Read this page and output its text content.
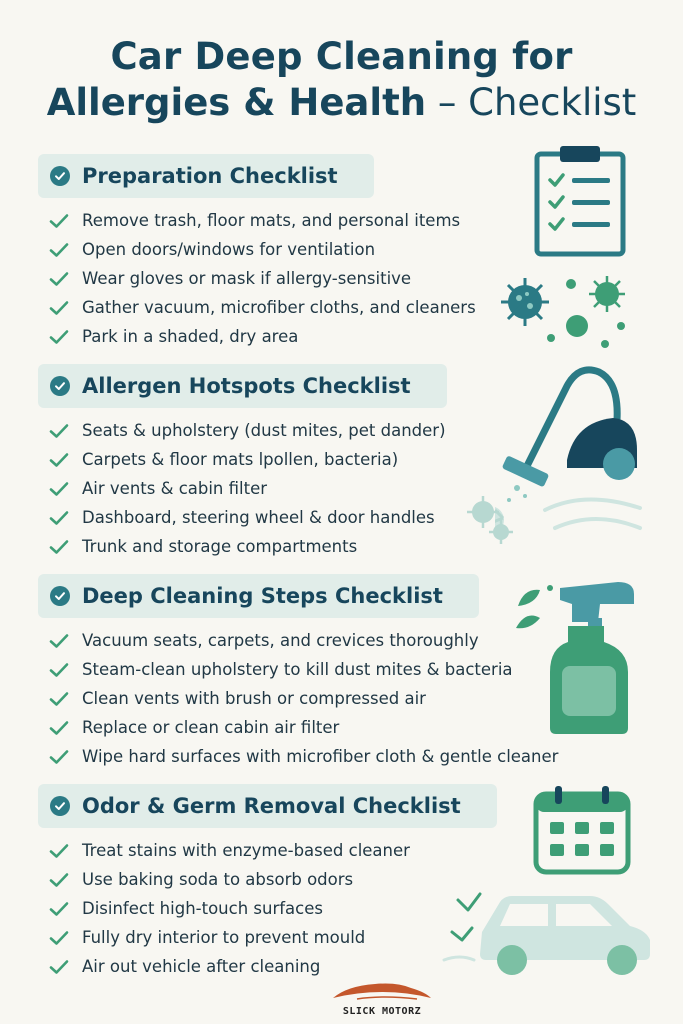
Car Deep Cleaning for
Allergies & Health – Checklist
Preparation Checklist
Remove trash, floor mats, and personal items
Open doors/windows for ventilation
Wear gloves or mask if allergy-sensitive
Gather vacuum, microfiber cloths, and cleaners
Park in a shaded, dry area
Allergen Hotspots Checklist
Seats & upholstery (dust mites, pet dander)
Carpets & floor mats lpollen, bacteria)
Air vents & cabin filter
Dashboard, steering wheel & door handles
Trunk and storage compartments
Deep Cleaning Steps Checklist
Vacuum seats, carpets, and crevices thoroughly
Steam-clean upholstery to kill dust mites & bacteria
Clean vents with brush or compressed air
Replace or clean cabin air filter
Wipe hard surfaces with microfiber cloth & gentle cleaner
Odor & Germ Removal Checklist
Treat stains with enzyme-based cleaner
Use baking soda to absorb odors
Disinfect high-touch surfaces
Fully dry interior to prevent mould
Air out vehicle after cleaning
SLICK MOTORZ
